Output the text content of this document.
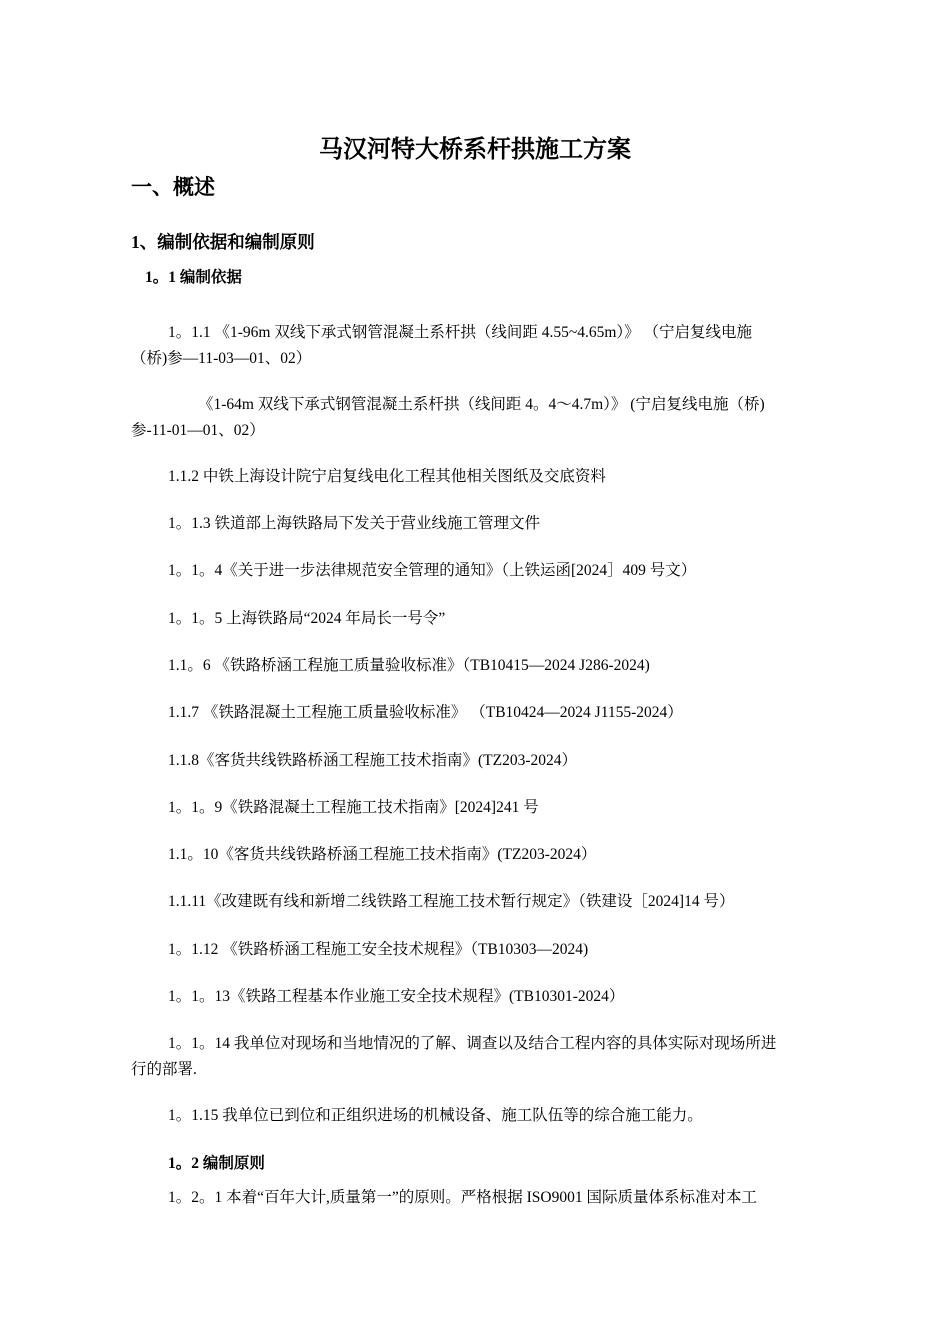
马汉河特大桥系杆拱施工方案
一、概述
1、编制依据和编制原则
1。1 编制依据
1。1.1 《1-96m 双线下承式钢管混凝土系杆拱（线间距 4.55~4.65m）》 （宁启复线电施
（桥)参—11-03—01、02）
《1-64m 双线下承式钢管混凝土系杆拱（线间距 4。4～4.7m）》 (宁启复线电施（桥)
参-11-01—01、02）
1.1.2 中铁上海设计院宁启复线电化工程其他相关图纸及交底资料
1。1.3 铁道部上海铁路局下发关于营业线施工管理文件
1。1。4《关于进一步法律规范安全管理的通知》（上铁运函[2024］409 号文）
1。1。5 上海铁路局“2024 年局长一号令”
1.1。6 《铁路桥涵工程施工质量验收标准》（TB10415—2024 J286-2024)
1.1.7 《铁路混凝土工程施工质量验收标准》 （TB10424—2024 J1155-2024）
1.1.8《客货共线铁路桥涵工程施工技术指南》(TZ203-2024）
1。1。9《铁路混凝土工程施工技术指南》[2024]241 号
1.1。10《客货共线铁路桥涵工程施工技术指南》(TZ203-2024）
1.1.11《改建既有线和新增二线铁路工程施工技术暂行规定》（铁建设［2024]14 号）
1。1.12 《铁路桥涵工程施工安全技术规程》（TB10303—2024)
1。1。13《铁路工程基本作业施工安全技术规程》(TB10301-2024）
1。1。14 我单位对现场和当地情况的了解、调查以及结合工程内容的具体实际对现场所进
行的部署.
1。1.15 我单位已到位和正组织进场的机械设备、施工队伍等的综合施工能力。
1。2 编制原则
1。2。1 本着“百年大计,质量第一”的原则。严格根据 ISO9001 国际质量体系标准对本工
